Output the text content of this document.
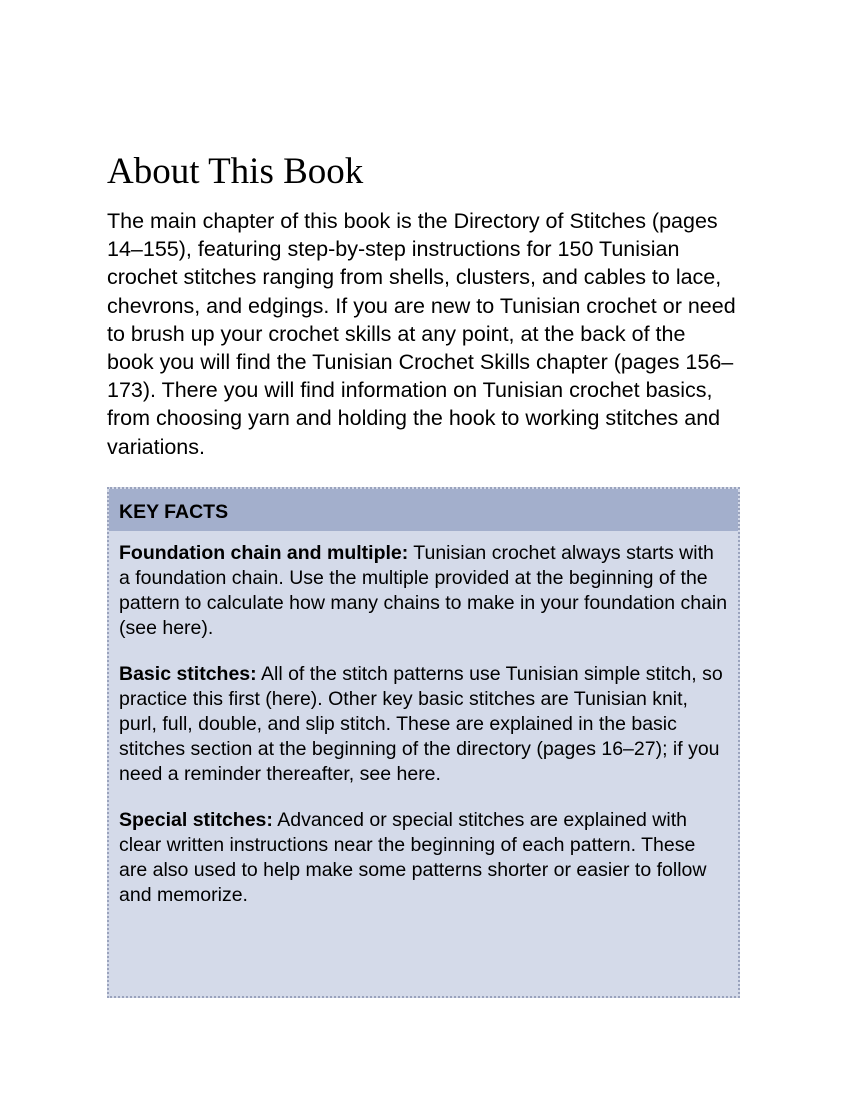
About This Book

The main chapter of this book is the Directory of Stitches (pages 14–155), featuring step-by-step instructions for 150 Tunisian crochet stitches ranging from shells, clusters, and cables to lace, chevrons, and edgings. If you are new to Tunisian crochet or need to brush up your crochet skills at any point, at the back of the book you will find the Tunisian Crochet Skills chapter (pages 156–173). There you will find information on Tunisian crochet basics, from choosing yarn and holding the hook to working stitches and variations.

KEY FACTS

Foundation chain and multiple: Tunisian crochet always starts with a foundation chain. Use the multiple provided at the beginning of the pattern to calculate how many chains to make in your foundation chain (see here).

Basic stitches: All of the stitch patterns use Tunisian simple stitch, so practice this first (here). Other key basic stitches are Tunisian knit, purl, full, double, and slip stitch. These are explained in the basic stitches section at the beginning of the directory (pages 16–27); if you need a reminder thereafter, see here.

Special stitches: Advanced or special stitches are explained with clear written instructions near the beginning of each pattern. These are also used to help make some patterns shorter or easier to follow and memorize.
